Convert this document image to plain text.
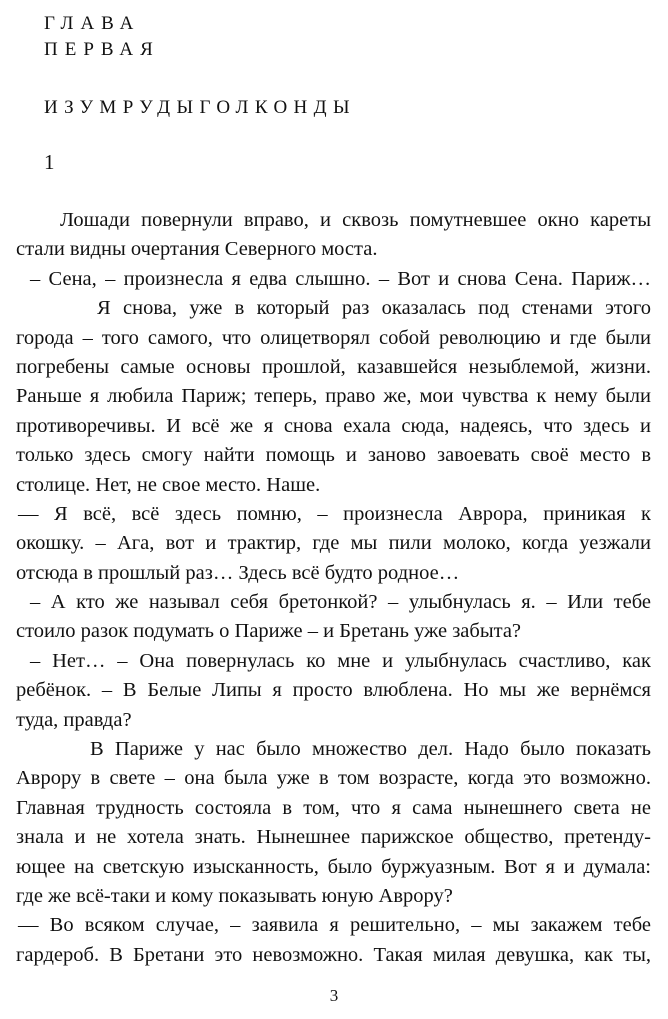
ГЛАВА
ПЕРВАЯ
ИЗУМРУДЫГОЛКОНДЫ
1
Лошади повернули вправо, и сквозь помутневшее окно кареты
стали видны очертания Северного моста.
– Сена, – произнесла я едва слышно. – Вот и снова Сена. Париж…
Я снова, уже в который раз оказалась под стенами этого
города – того самого, что олицетворял собой революцию и где были
погребены самые основы прошлой, казавшейся незыблемой, жизни.
Раньше я любила Париж; теперь, право же, мои чувства к нему были
противоречивы. И всё же я снова ехала сюда, надеясь, что здесь и
только здесь смогу найти помощь и заново завоевать своё место в
столице. Нет, не свое место. Наше.
— Я всё, всё здесь помню, – произнесла Аврора, приникая к
окошку. – Ага, вот и трактир, где мы пили молоко, когда уезжали
отсюда в прошлый раз… Здесь всё будто родное…
– А кто же называл себя бретонкой? – улыбнулась я. – Или тебе
стоило разок подумать о Париже – и Бретань уже забыта?
– Нет… – Она повернулась ко мне и улыбнулась счастливо, как
ребёнок. – В Белые Липы я просто влюблена. Но мы же вернёмся
туда, правда?
В Париже у нас было множество дел. Надо было показать
Аврору в свете – она была уже в том возрасте, когда это возможно.
Главная трудность состояла в том, что я сама нынешнего света не
знала и не хотела знать. Нынешнее парижское общество, претенду-
ющее на светскую изысканность, было буржуазным. Вот я и думала:
где же всё-таки и кому показывать юную Аврору?
— Во всяком случае, – заявила я решительно, – мы закажем тебе
гардероб. В Бретани это невозможно. Такая милая девушка, как ты,
3
